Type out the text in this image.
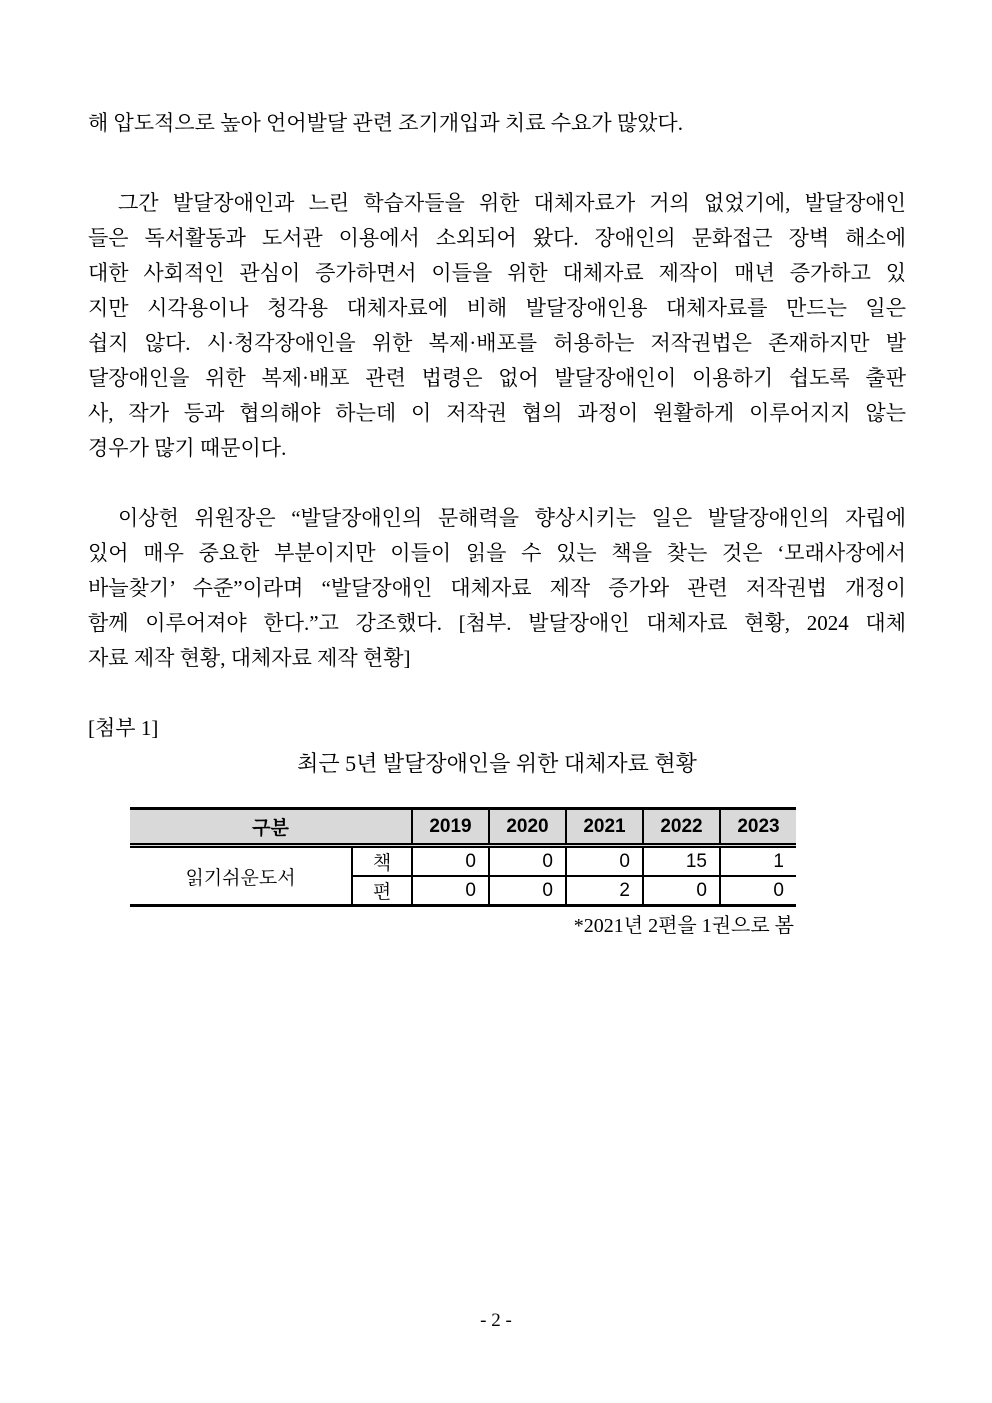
해 압도적으로 높아 언어발달 관련 조기개입과 치료 수요가 많았다.
그간 발달장애인과 느린 학습자들을 위한 대체자료가 거의 없었기에, 발달장애인
들은 독서활동과 도서관 이용에서 소외되어 왔다. 장애인의 문화접근 장벽 해소에
대한 사회적인 관심이 증가하면서 이들을 위한 대체자료 제작이 매년 증가하고 있
지만 시각용이나 청각용 대체자료에 비해 발달장애인용 대체자료를 만드는 일은
쉽지 않다. 시·청각장애인을 위한 복제·배포를 허용하는 저작권법은 존재하지만 발
달장애인을 위한 복제·배포 관련 법령은 없어 발달장애인이 이용하기 쉽도록 출판
사, 작가 등과 협의해야 하는데 이 저작권 협의 과정이 원활하게 이루어지지 않는
경우가 많기 때문이다.
이상헌 위원장은 “발달장애인의 문해력을 향상시키는 일은 발달장애인의 자립에
있어 매우 중요한 부분이지만 이들이 읽을 수 있는 책을 찾는 것은 ‘모래사장에서
바늘찾기’ 수준”이라며 “발달장애인 대체자료 제작 증가와 관련 저작권법 개정이
함께 이루어져야 한다.”고 강조했다. [첨부. 발달장애인 대체자료 현황, 2024 대체
자료 제작 현황, 대체자료 제작 현황]
[첨부 1]
최근 5년 발달장애인을 위한 대체자료 현황
구분		2019	2020	2021	2022	2023
읽기쉬운도서	책	0	0	0	15	1
	편	0	0	2	0	0
*2021년 2편을 1권으로 봄
- 2 -
